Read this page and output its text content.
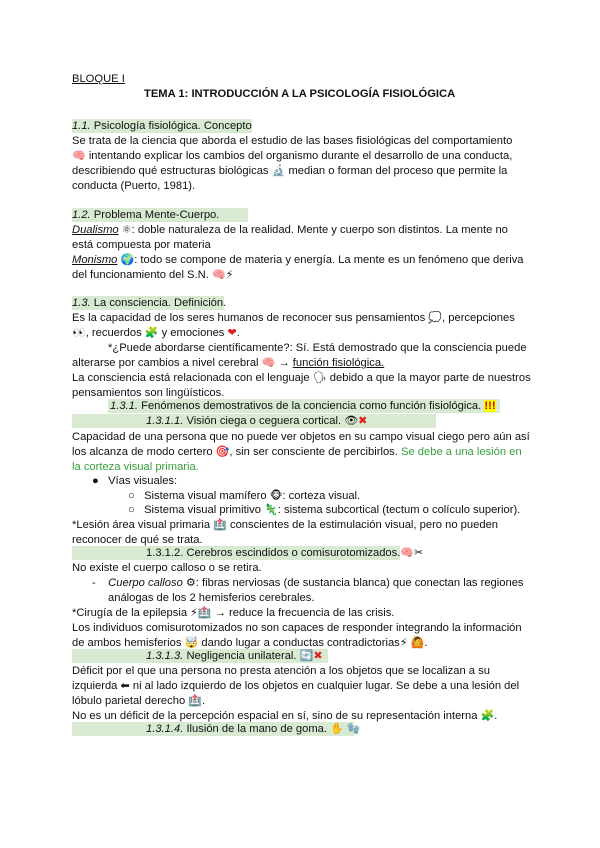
BLOQUE I
TEMA 1: INTRODUCCIÓN A LA PSICOLOGÍA FISIOLÓGICA
1.1. Psicología fisiológica. Concepto
Se trata de la ciencia que aborda el estudio de las bases fisiológicas del comportamiento
🧠 intentando explicar los cambios del organismo durante el desarrollo de una conducta,
describiendo qué estructuras biológicas 🔬 median o forman del proceso que permite la
conducta (Puerto, 1981).
1.2. Problema Mente-Cuerpo.
Dualismo ⚛: doble naturaleza de la realidad. Mente y cuerpo son distintos. La mente no
está compuesta por materia
Monismo 🌍: todo se compone de materia y energía. La mente es un fenómeno que deriva
del funcionamiento del S.N. 🧠⚡
1.3. La consciencia. Definición.
Es la capacidad de los seres humanos de reconocer sus pensamientos 💭, percepciones
👀, recuerdos 🧩 y emociones ❤.
*¿Puede abordarse científicamente?: Sí. Está demostrado que la consciencia puede
alterarse por cambios a nivel cerebral 🧠 → función fisiológica.
La consciencia está relacionada con el lenguaje 🗣 debido a que la mayor parte de nuestros
pensamientos son lingüísticos.
1.3.1. Fenómenos demostrativos de la conciencia como función fisiológica. !!!
1.3.1.1. Visión ciega o ceguera cortical. 👁✖
Capacidad de una persona que no puede ver objetos en su campo visual ciego pero aún así
los alcanza de modo certero 🎯, sin ser consciente de percibirlos. Se debe a una lesión en
la corteza visual primaria.
●   Vías visuales:
○   Sistema visual mamífero 🐵: corteza visual.
○   Sistema visual primitivo 🦎: sistema subcortical (tectum o colículo superior).
*Lesión área visual primaria 🏥 conscientes de la estimulación visual, pero no pueden
reconocer de qué se trata.
1.3.1.2. Cerebros escindidos o comisurotomizados.🧠✂
No existe el cuerpo calloso o se retira.
-    Cuerpo calloso ⚙: fibras nerviosas (de sustancia blanca) que conectan las regiones
análogas de los 2 hemisferios cerebrales.
*Cirugía de la epilepsia ⚡🏥 → reduce la frecuencia de las crisis.
Los individuos comisurotomizados no son capaces de responder integrando la información
de ambos hemisferios 🤯 dando lugar a conductas contradictorias⚡ 🙆.
1.3.1.3. Negligencia unilateral. 🔄✖
Déficit por el que una persona no presta atención a los objetos que se localizan a su
izquierda ⬅ ni al lado izquierdo de los objetos en cualquier lugar. Se debe a una lesión del
lóbulo parietal derecho 🏥.
No es un déficit de la percepción espacial en sí, sino de su representación interna 🧩.
1.3.1.4. Ilusión de la mano de goma. ✋ 🧤
